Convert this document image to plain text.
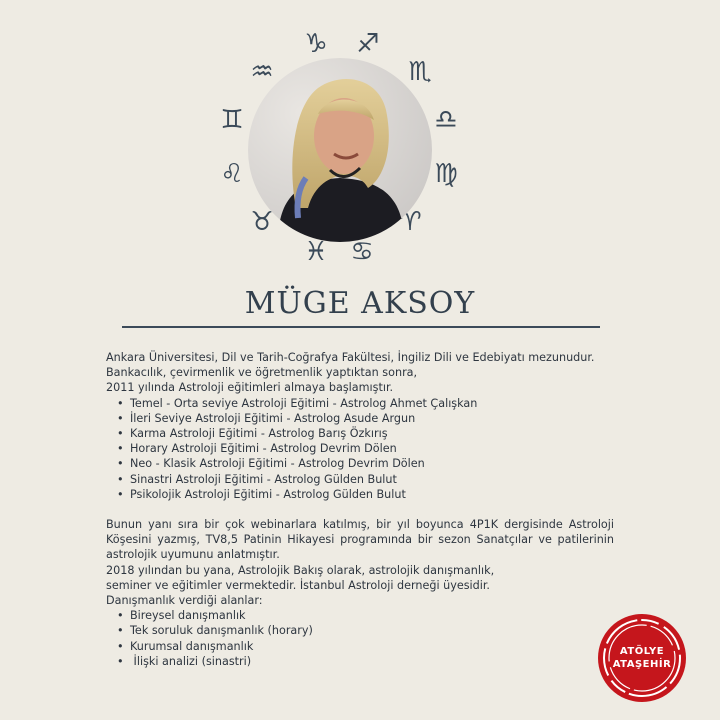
♑ ♐
♒	♏
♊	♎
♌	♍
♉	♈
♓ ♋
MÜGE AKSOY

Ankara Üniversitesi, Dil ve Tarih-Coğrafya Fakültesi, İngiliz Dili ve Edebiyatı mezunudur.

Bankacılık, çevirmenlik ve öğretmenlik yaptıktan sonra,

2011 yılında Astroloji eğitimleri almaya başlamıştır.

• Temel - Orta seviye Astroloji Eğitimi - Astrolog Ahmet Çalışkan
• İleri Seviye Astroloji Eğitimi - Astrolog Asude Argun
• Karma Astroloji Eğitimi - Astrolog Barış Özkırış
• Horary Astroloji Eğitimi - Astrolog Devrim Dölen
• Neo - Klasik Astroloji Eğitimi - Astrolog Devrim Dölen
• Sinastri Astroloji Eğitimi - Astrolog Gülden Bulut
• Psikolojik Astroloji Eğitimi - Astrolog Gülden Bulut

Bunun yanı sıra bir çok webinarlara katılmış, bir yıl boyunca 4P1K dergisinde Astroloji Köşesini yazmış, TV8,5 Patinin Hikayesi programında bir sezon Sanatçılar ve patilerinin astrolojik uyumunu anlatmıştır.

2018 yılından bu yana, Astrolojik Bakış olarak, astrolojik danışmanlık,

seminer ve eğitimler vermektedir. İstanbul Astroloji derneği üyesidir.

Danışmanlık verdiği alanlar:

• Bireysel danışmanlık
• Tek soruluk danışmanlık (horary)
• Kurumsal danışmanlık
•  İlişki analizi (sinastri)
ATÖLYE
ATAŞEHİR
